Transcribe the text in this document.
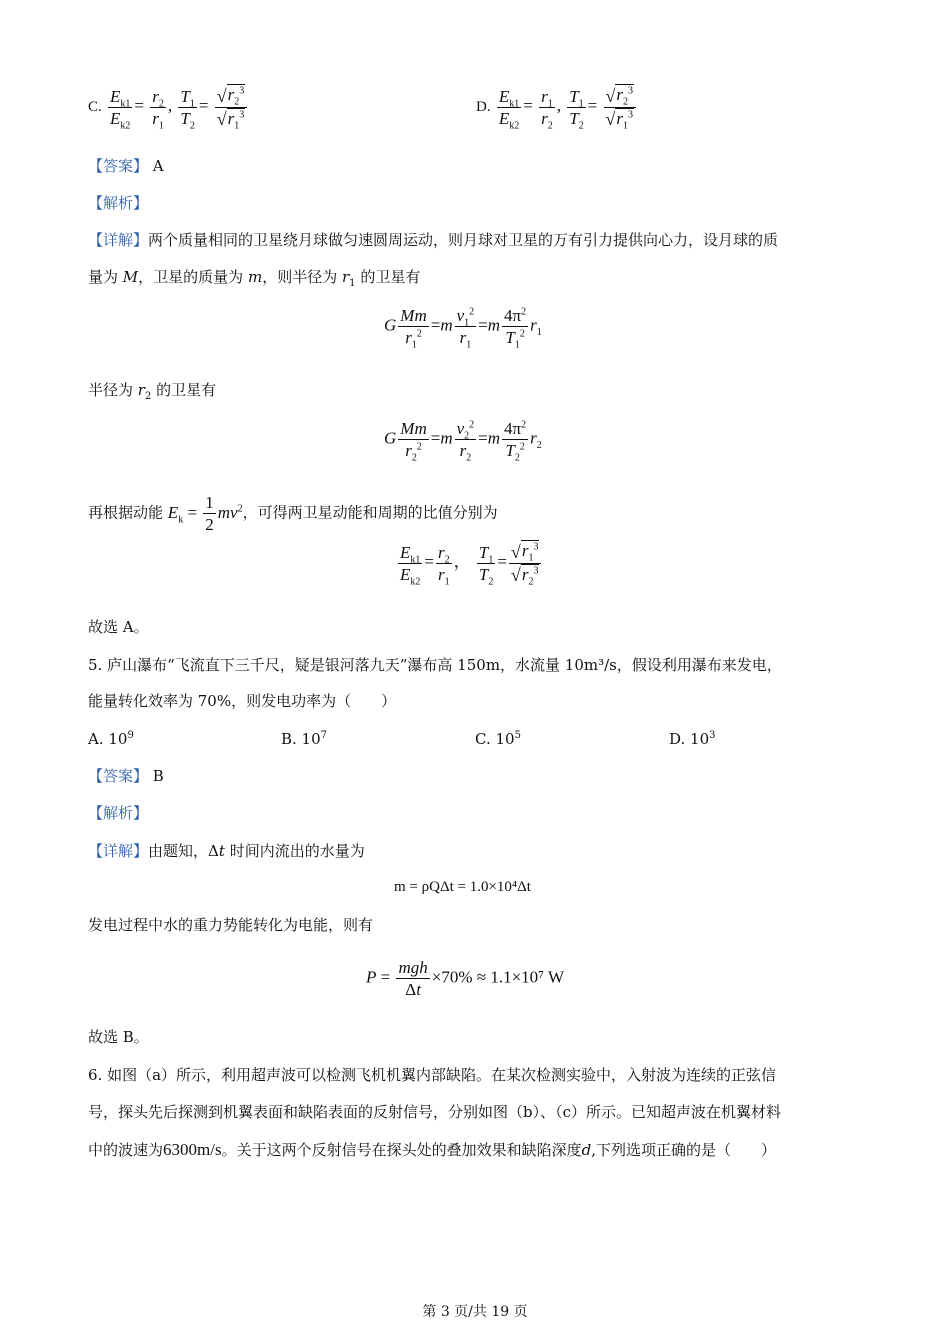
C. $\frac{E_{k1}}{E_{k2}} = \frac{r_2}{r_1}$ , $\frac{T_1}{T_2} = \frac{√ r_2^3}{√ r_1^3}$	D. $\frac{E_{k1}}{E_{k2}} = \frac{r_1}{r_2}$ , $\frac{T_1}{T_2} = \frac{√ r_2^3}{√ r_1^3}$
【答案】 A
【解析】
【详解】两个质量相同的卫星绕月球做匀速圆周运动，则月球对卫星的万有引力提供向心力，设月球的质
量为 M，卫星的质量为 m，则半径为 $r_1$ 的卫星有
G $\frac{Mm}{r_1^2} =m \frac{v_1^2}{r_1} =m \frac{4\pi^2}{T_1^2} r_1$
半径为 $r_2$ 的卫星有
G $\frac{Mm}{r_2^2} =m \frac{v_2^2}{r_2} =m \frac{4\pi^2}{T_2^2} r_2$
再根据动能 $E_k = \frac{1}{2} mv^2$，可得两卫星动能和周期的比值分别为
$\frac{E_{k1}}{E_{k2}} = \frac{r_2}{r_1}$ ， $\frac{T_1}{T_2} = \frac{√ r_1^3}{√ r_2^3}$
故选 A。
5. 庐山瀑布“飞流直下三千尺，疑是银河落九天”瀑布高 150m，水流量 10m³/s，假设利用瀑布来发电，
能量转化效率为 70%，则发电功率为（　　）
A. $10^9$	B. $10^7$	C. $10^5$	D. $10^3$
【答案】 B
【解析】
【详解】由题知，Δt 时间内流出的水量为
m = ρQΔt = 1.0×10⁴Δt
发电过程中水的重力势能转化为电能，则有
$P = \frac{\text{mgh}}{\Delta t} \times 70\% \approx 1.1\times 10^7$ W
故选 B。
6. 如图（a）所示，利用超声波可以检测飞机机翼内部缺陷。在某次检测实验中，入射波为连续的正弦信
号，探头先后探测到机翼表面和缺陷表面的反射信号，分别如图（b）、（c）所示。已知超声波在机翼材料
中的波速为6300m/s。关于这两个反射信号在探头处的叠加效果和缺陷深度d,下列选项正确的是（　　）
第 3 页/共 19 页
